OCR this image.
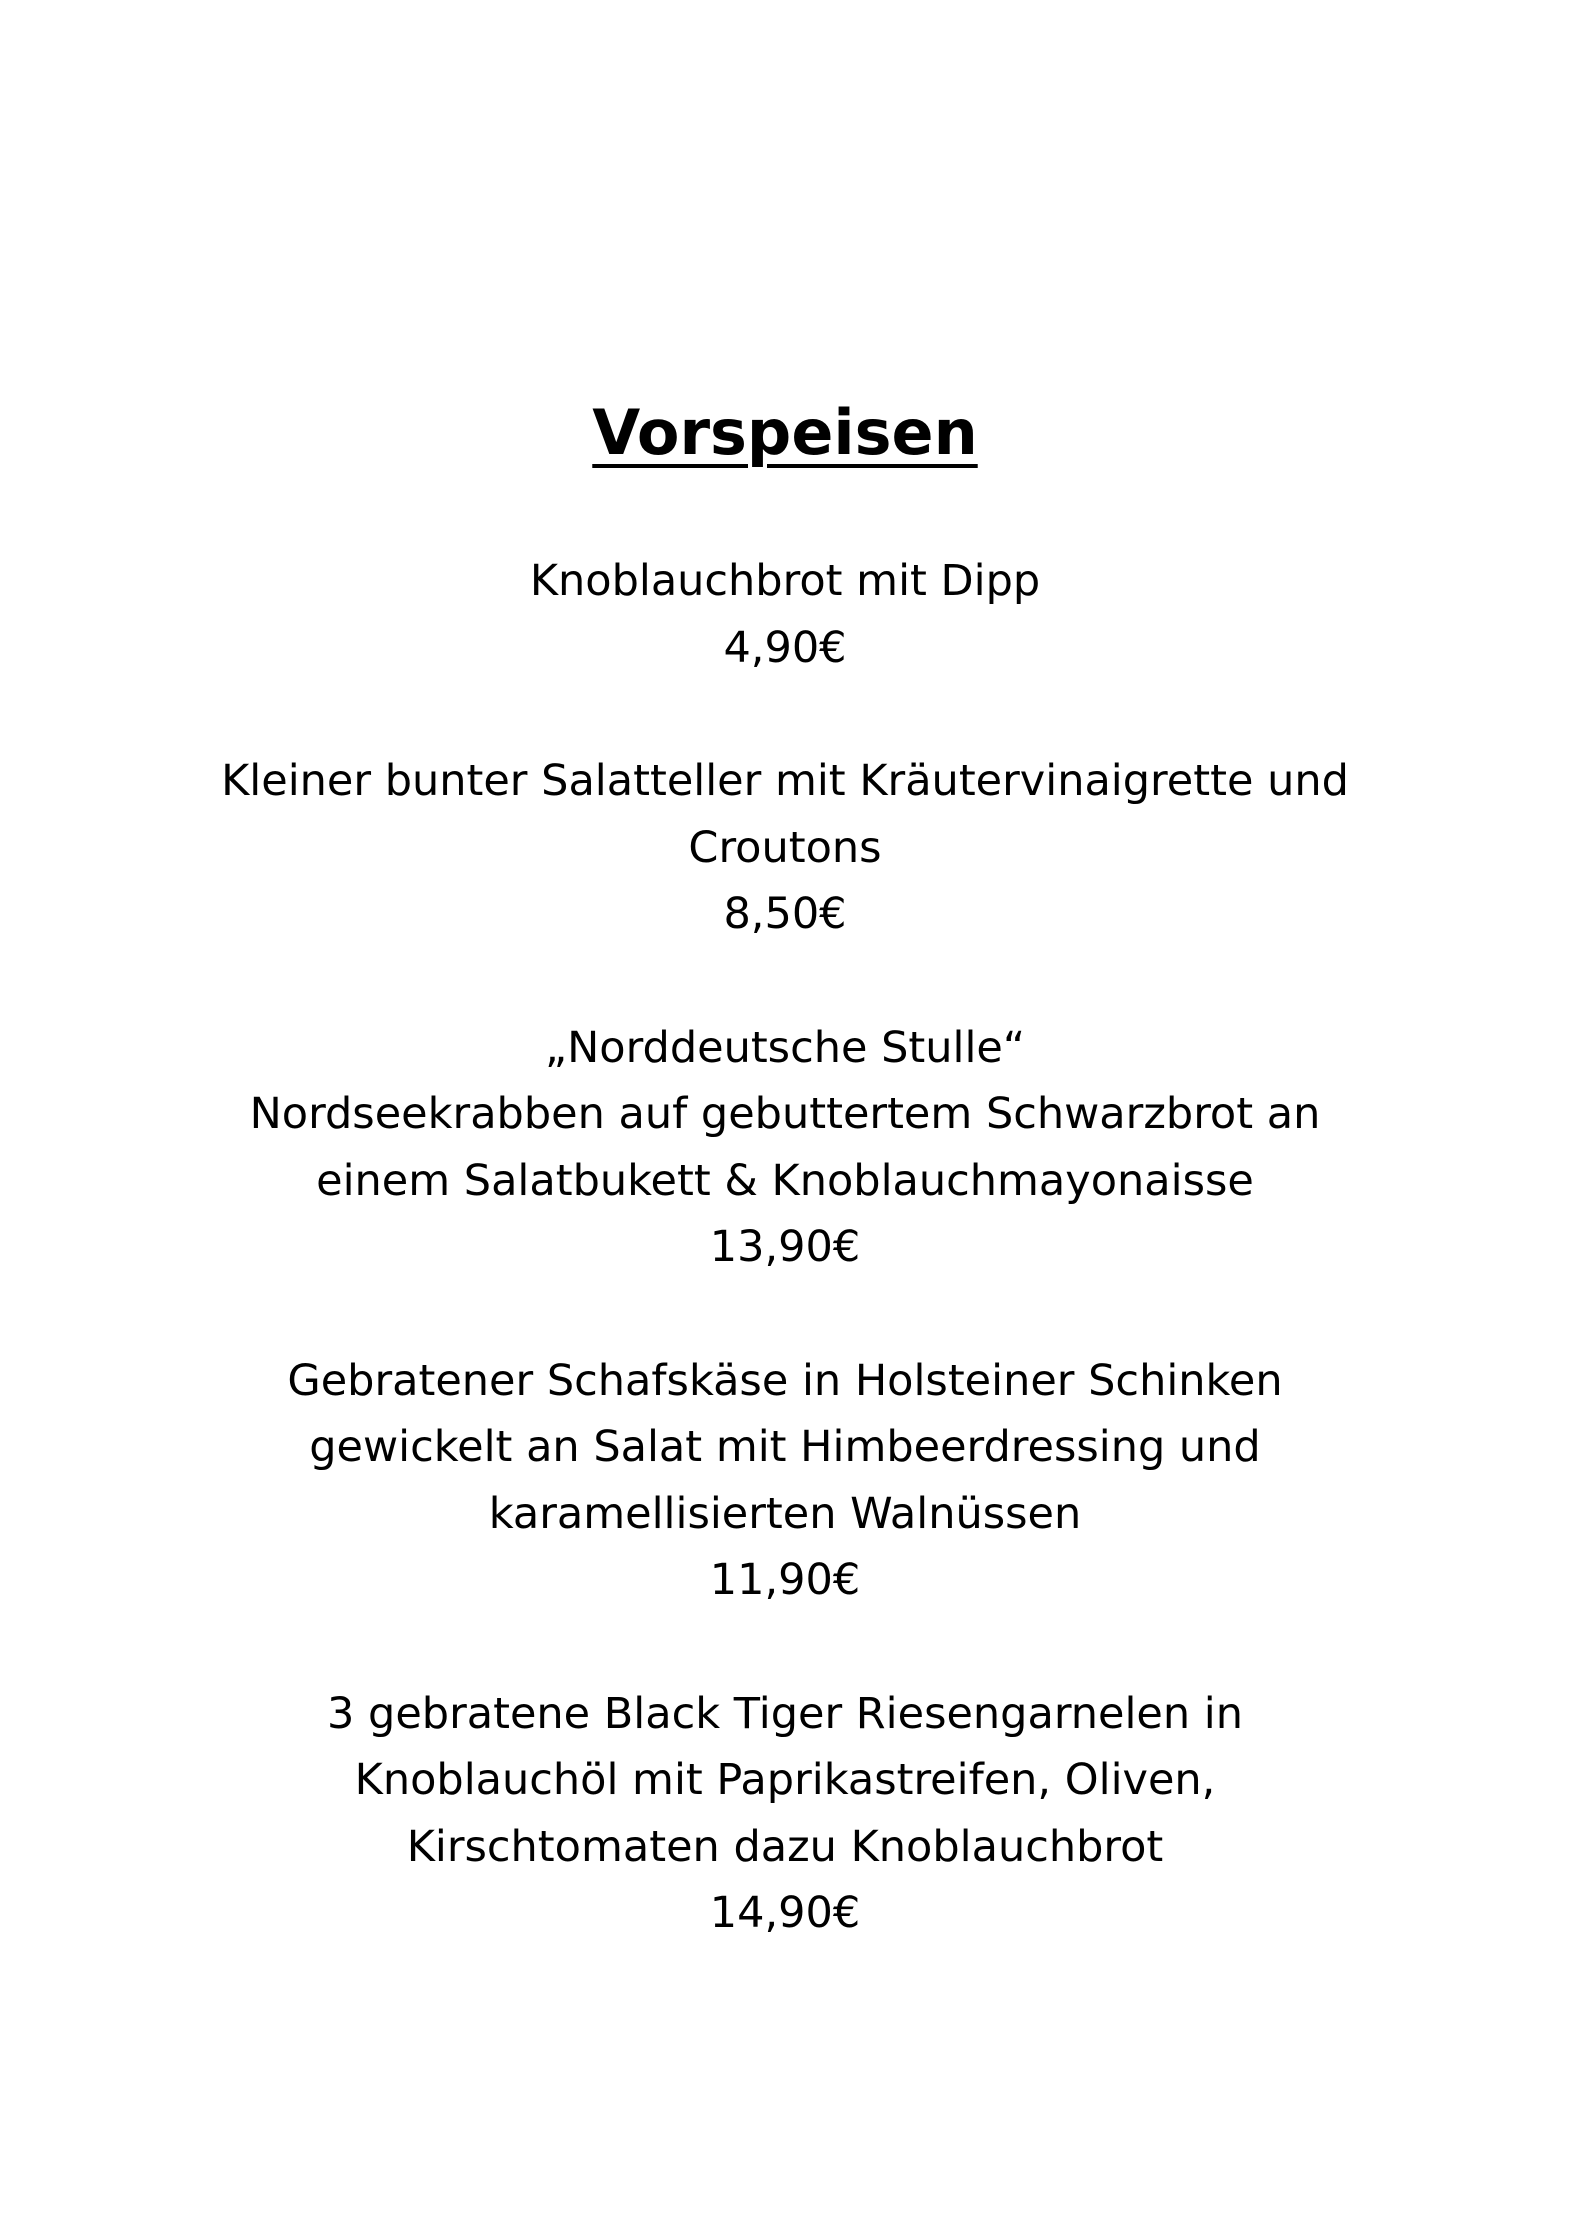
Vorspeisen
Knoblauchbrot mit Dipp
4,90€
Kleiner bunter Salatteller mit Kräutervinaigrette und
Croutons
8,50€
„Norddeutsche Stulle“
Nordseekrabben auf gebuttertem Schwarzbrot an
einem Salatbukett & Knoblauchmayonaisse
13,90€
Gebratener Schafskäse in Holsteiner Schinken
gewickelt an Salat mit Himbeerdressing und
karamellisierten Walnüssen
11,90€
3 gebratene Black Tiger Riesengarnelen in
Knoblauchöl mit Paprikastreifen, Oliven,
Kirschtomaten dazu Knoblauchbrot
14,90€
